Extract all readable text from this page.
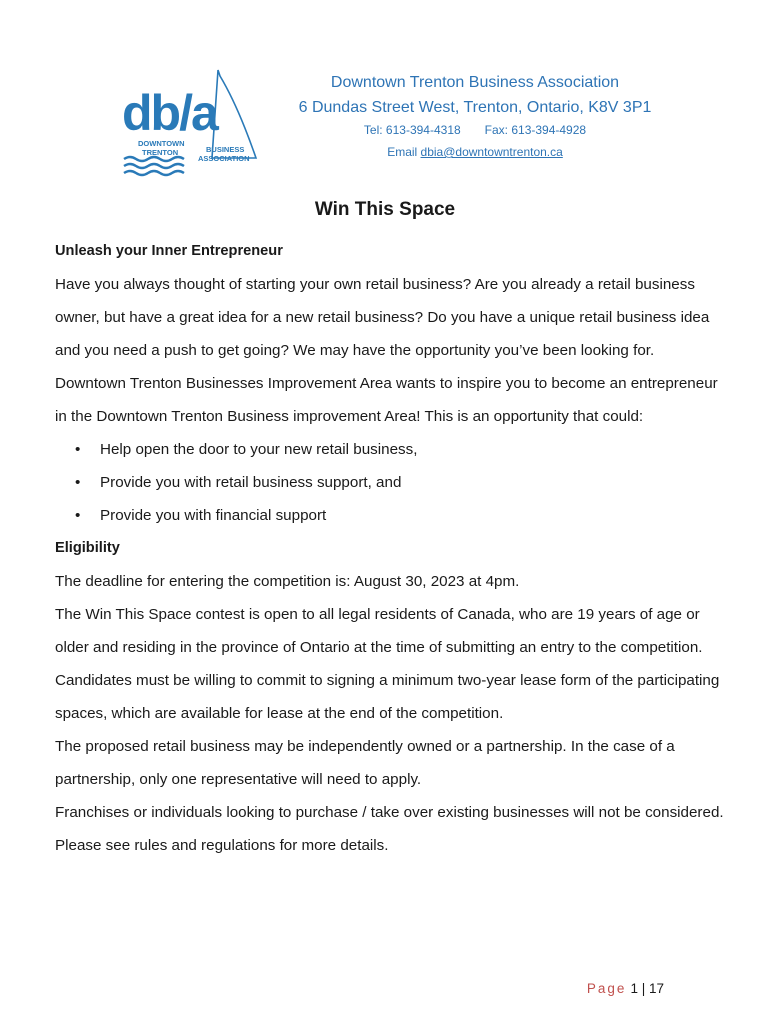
db/a
DOWNTOWN
TRENTON	BUSINESS
ASSOCIATION
Downtown Trenton Business Association
6 Dundas Street West, Trenton, Ontario, K8V 3P1
Tel: 613-394-4318 Fax: 613-394-4928
Email dbia@downtowntrenton.ca
Win This Space

Unleash your Inner Entrepreneur

Have you always thought of starting your own retail business? Are you already a retail business owner, but have a great idea for a new retail business? Do you have a unique retail business idea and you need a push to get going? We may have the opportunity you’ve been looking for. Downtown Trenton Businesses Improvement Area wants to inspire you to become an entrepreneur in the Downtown Trenton Business improvement Area! This is an opportunity that could:

• Help open the door to your new retail business,
• Provide you with retail business support, and
• Provide you with financial support

Eligibility

The deadline for entering the competition is: August 30, 2023 at 4pm.

The Win This Space contest is open to all legal residents of Canada, who are 19 years of age or older and residing in the province of Ontario at the time of submitting an entry to the competition.

Candidates must be willing to commit to signing a minimum two-year lease form of the participating spaces, which are available for lease at the end of the competition.

The proposed retail business may be independently owned or a partnership. In the case of a partnership, only one representative will need to apply.

Franchises or individuals looking to purchase / take over existing businesses will not be considered.

Please see rules and regulations for more details.

Page 1 | 17
